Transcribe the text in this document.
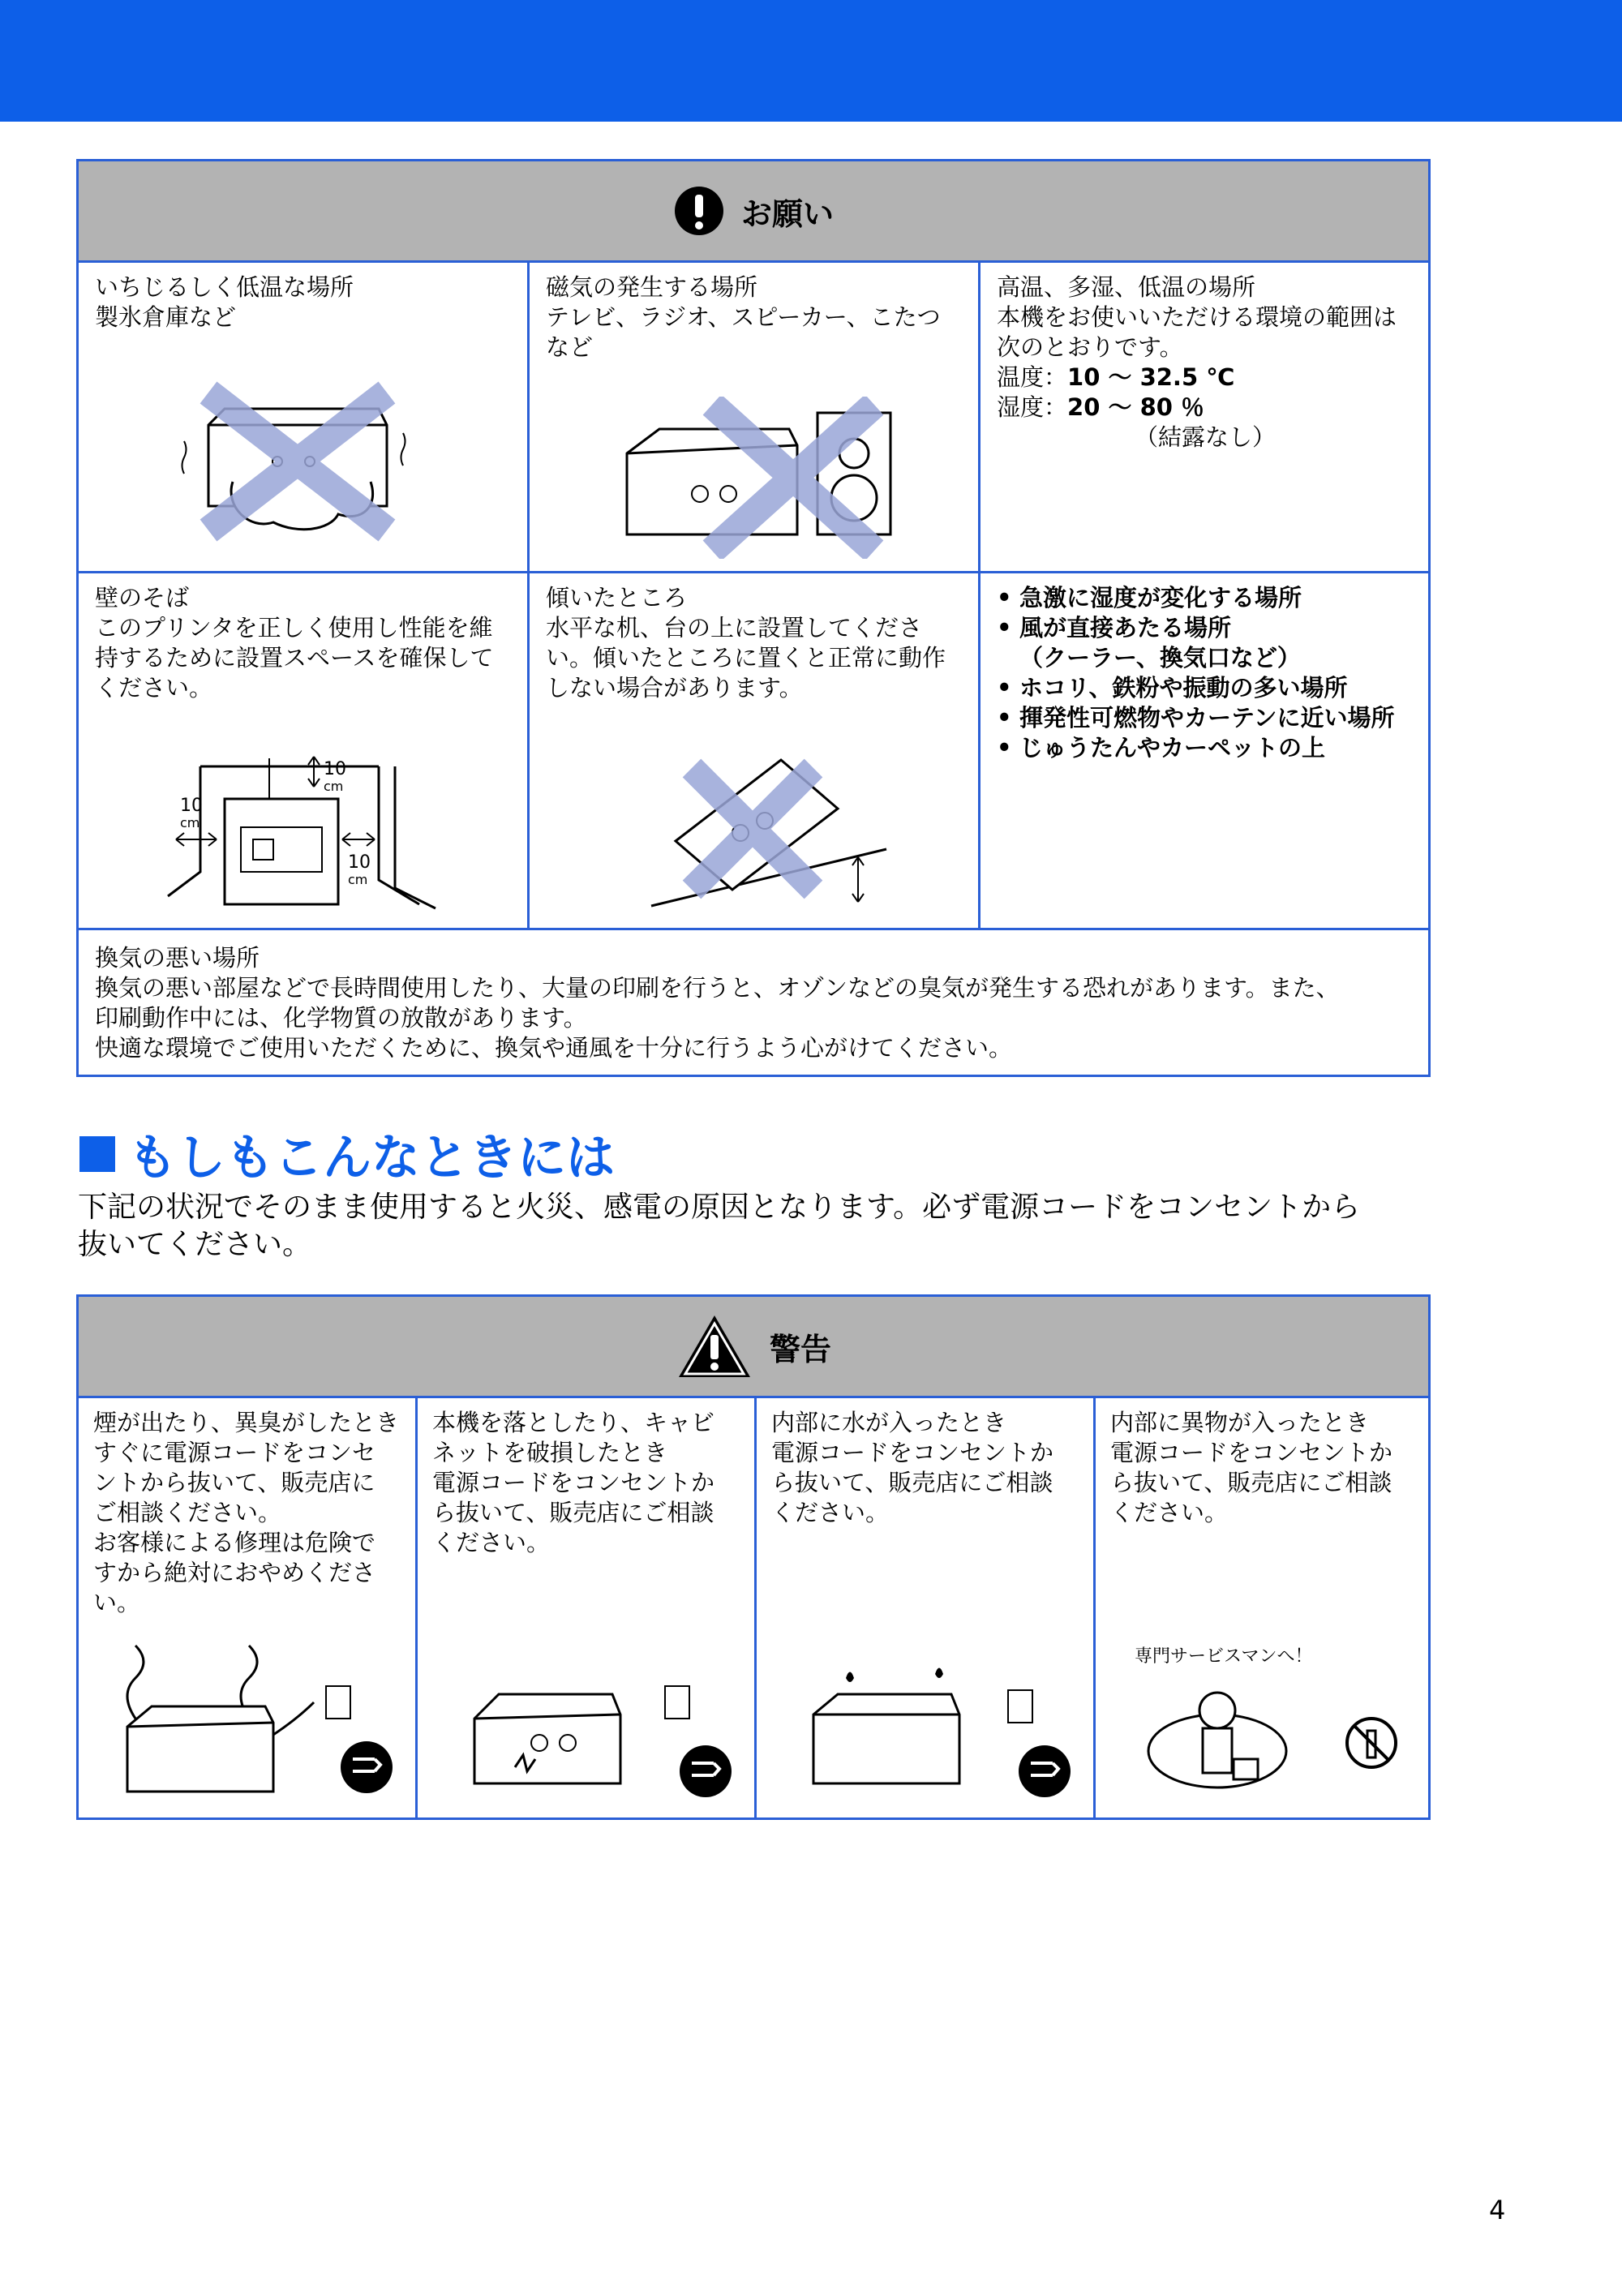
お願い
いちじるしく低温な場所
製氷倉庫など
磁気の発生する場所
テレビ、ラジオ、スピーカー、こたつ
など
高温、多湿、低温の場所
本機をお使いいただける環境の範囲は
次のとおりです。
温度：10 ～ 32.5 ℃
湿度：20 ～ 80 ％
（結露なし）
壁のそば
このプリンタを正しく使用し性能を維
持するために設置スペースを確保して
ください。
10
cm
10
cm
10
cm
傾いたところ
水平な机、台の上に設置してくださ
い。傾いたところに置くと正常に動作
しない場合があります。
• 急激に湿度が変化する場所
• 風が直接あたる場所
（クーラー、換気口など）
• ホコリ、鉄粉や振動の多い場所
• 揮発性可燃物やカーテンに近い場所
• じゅうたんやカーペットの上
換気の悪い場所
換気の悪い部屋などで長時間使用したり、大量の印刷を行うと、オゾンなどの臭気が発生する恐れがあります。また、
印刷動作中には、化学物質の放散があります。
快適な環境でご使用いただくために、換気や通風を十分に行うよう心がけてください。
もしもこんなときには
下記の状況でそのまま使用すると火災、感電の原因となります。必ず電源コードをコンセントから
抜いてください。
警告
煙が出たり、異臭がしたとき
すぐに電源コードをコンセ
ントから抜いて、販売店に
ご相談ください。
お客様による修理は危険で
すから絶対におやめくださ
い。
本機を落としたり、キャビ
ネットを破損したとき
電源コードをコンセントか
ら抜いて、販売店にご相談
ください。
内部に水が入ったとき
電源コードをコンセントか
ら抜いて、販売店にご相談
ください。
内部に異物が入ったとき
電源コードをコンセントか
ら抜いて、販売店にご相談
ください。
専門サービスマンへ！
4
